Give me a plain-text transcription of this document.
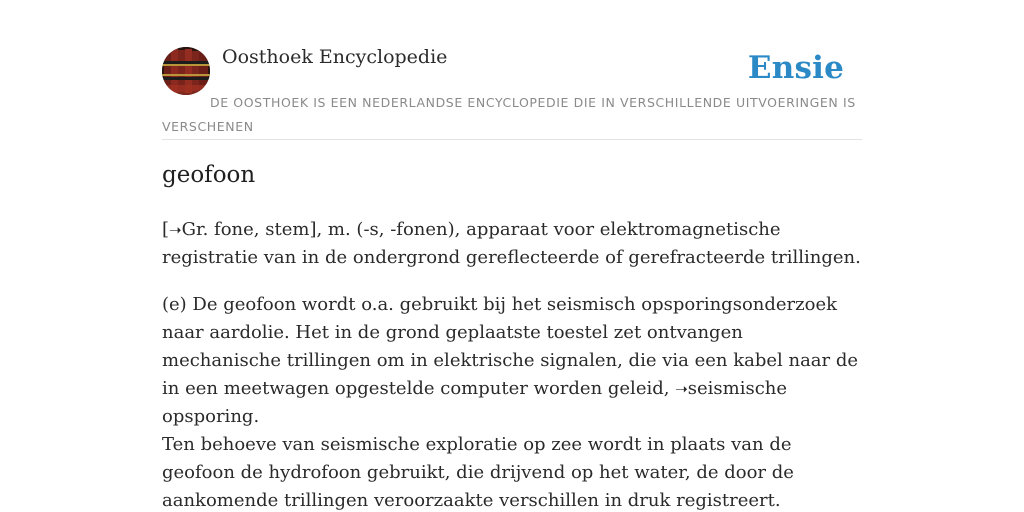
Oosthoek Encyclopedie	Ensie
DE OOSTHOEK IS EEN NEDERLANDSE ENCYCLOPEDIE DIE IN VERSCHILLENDE UITVOERINGEN IS VERSCHENEN
geofoon

[➝Gr. fone, stem], m. (-s, -fonen), apparaat voor elektromagnetische registratie van in de ondergrond gereflecteerde of gerefracteerde trillingen.

(e) De geofoon wordt o.a. gebruikt bij het seismisch opsporingsonderzoek naar aardolie. Het in de grond geplaatste toestel zet ontvangen mechanische trillingen om in elektrische signalen, die via een kabel naar de in een meetwagen opgestelde computer worden geleid, ➝seismische opsporing.

Ten behoeve van seismische exploratie op zee wordt in plaats van de geofoon de hydrofoon gebruikt, die drijvend op het water, de door de aankomende trillingen veroorzaakte verschillen in druk registreert.
